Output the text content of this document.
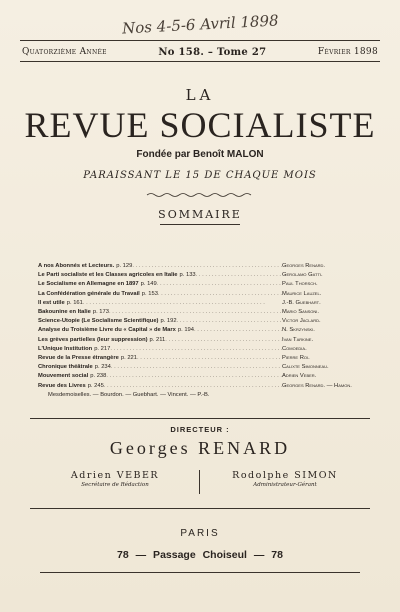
Nos 4-5-6 Avril 1898
Quatorzième Année	No 158. – Tome 27	Février 1898
LA
REVUE SOCIALISTE
Fondée par Benoît MALON
PARAISSANT LE 15 DE CHAQUE MOIS
SOMMAIRE
A nos Abonnés et Lecteurs. p. 129 . . .	Georges Renard.
Le Parti socialiste et les Classes agricoles en Italie p. 133 . . .	Gerolamo Gatti.
Le Socialisme en Allemagne en 1897 p. 149 . . .	Paul Thorsch.
La Confédération générale du Travail p. 153 . . .	Maurice Lauzel.
Il est utile p. 161 . . .	J.-B. Guebhart.
Bakounine en Italie p. 173 . . .	Mario Sansoni.
Science-Utopie (Le Socialisme Scientifique) p. 192 . . .	Victor Jaclard.
Analyse du Troisième Livre du « Capital » de Marx p. 194 . . .	N. Skrzynski.
Les grèves partielles (leur suppression) p. 211 . . .	Ivan Tarkine.
L'Unique Institution p. 217 . . .	Comoedia.
Revue de la Presse étrangère p. 221 . . .	Pierre Roi.
Chronique théâtrale p. 234 . . .	Calixte Simonneau.
Mouvement social p. 238 . . .	Adrien Veber.
Revue des Livres p. 245 . . .	Georges Renard. — Hamon.
Mesdemoiselles. — Bourdon. — Guebhart. — Vincent. — P.-B.
DIRECTEUR :
Georges RENARD
Adrien VEBER
Secrétaire de Rédaction
Rodolphe SIMON
Administrateur-Gérant
PARIS
78 — Passage Choiseul — 78
